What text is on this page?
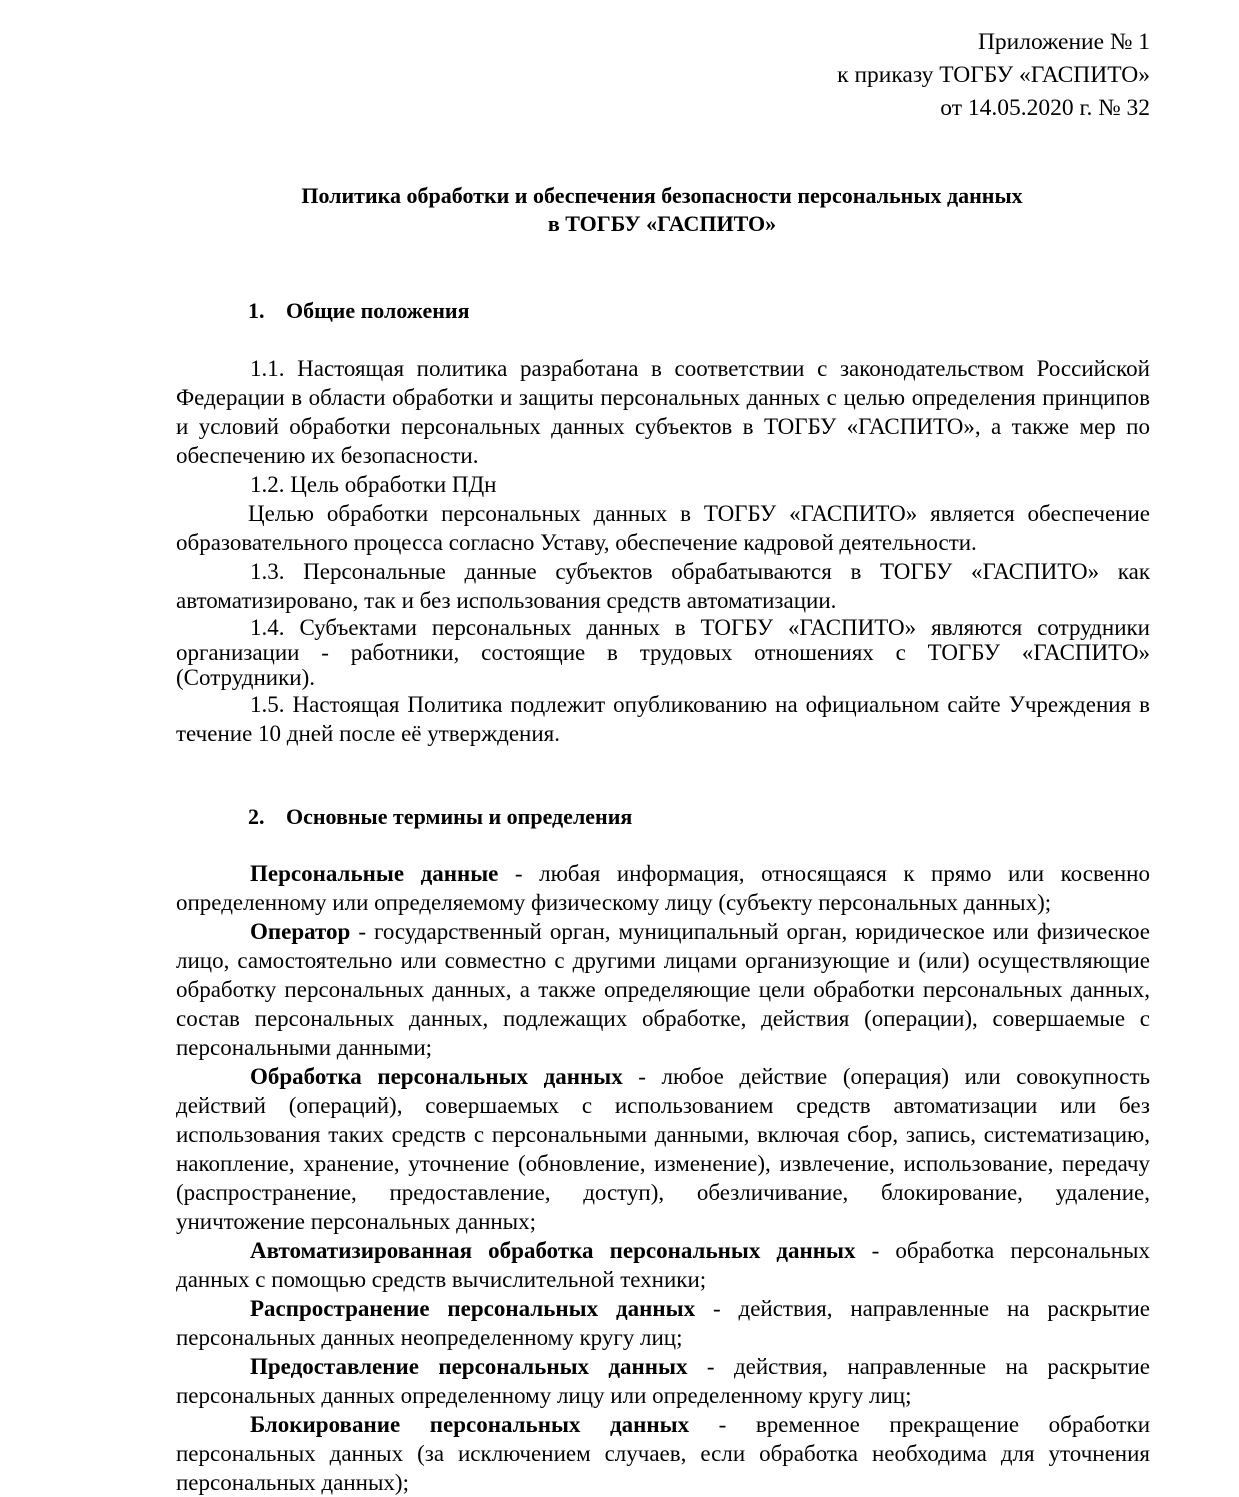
Приложение № 1
к приказу ТОГБУ «ГАСПИТО»
от 14.05.2020 г. № 32
Политика обработки и обеспечения безопасности персональных данных
в ТОГБУ «ГАСПИТО»
1. Общие положения

1.1. Настоящая политика разработана в соответствии с законодательством Российской Федерации в области обработки и защиты персональных данных с целью определения принципов и условий обработки персональных данных субъектов в ТОГБУ «ГАСПИТО», а также мер по обеспечению их безопасности.

1.2. Цель обработки ПДн

Целью обработки персональных данных в ТОГБУ «ГАСПИТО» является обеспечение образовательного процесса согласно Уставу, обеспечение кадровой деятельности.

1.3. Персональные данные субъектов обрабатываются в ТОГБУ «ГАСПИТО» как автоматизировано, так и без использования средств автоматизации.

1.4. Субъектами персональных данных в ТОГБУ «ГАСПИТО» являются сотрудники организации - работники, состоящие в трудовых отношениях с ТОГБУ «ГАСПИТО» (Сотрудники).

1.5. Настоящая Политика подлежит опубликованию на официальном сайте Учреждения в течение 10 дней после её утверждения.

2. Основные термины и определения

Персональные данные - любая информация, относящаяся к прямо или косвенно определенному или определяемому физическому лицу (субъекту персональных данных);

Оператор - государственный орган, муниципальный орган, юридическое или физическое лицо, самостоятельно или совместно с другими лицами организующие и (или) осуществляющие обработку персональных данных, а также определяющие цели обработки персональных данных, состав персональных данных, подлежащих обработке, действия (операции), совершаемые с персональными данными;

Обработка персональных данных - любое действие (операция) или совокупность действий (операций), совершаемых с использованием средств автоматизации или без использования таких средств с персональными данными, включая сбор, запись, систематизацию, накопление, хранение, уточнение (обновление, изменение), извлечение, использование, передачу (распространение, предоставление, доступ), обезличивание, блокирование, удаление, уничтожение персональных данных;

Автоматизированная обработка персональных данных - обработка персональных данных с помощью средств вычислительной техники;

Распространение персональных данных - действия, направленные на раскрытие персональных данных неопределенному кругу лиц;

Предоставление персональных данных - действия, направленные на раскрытие персональных данных определенному лицу или определенному кругу лиц;

Блокирование персональных данных - временное прекращение обработки персональных данных (за исключением случаев, если обработка необходима для уточнения персональных данных);
